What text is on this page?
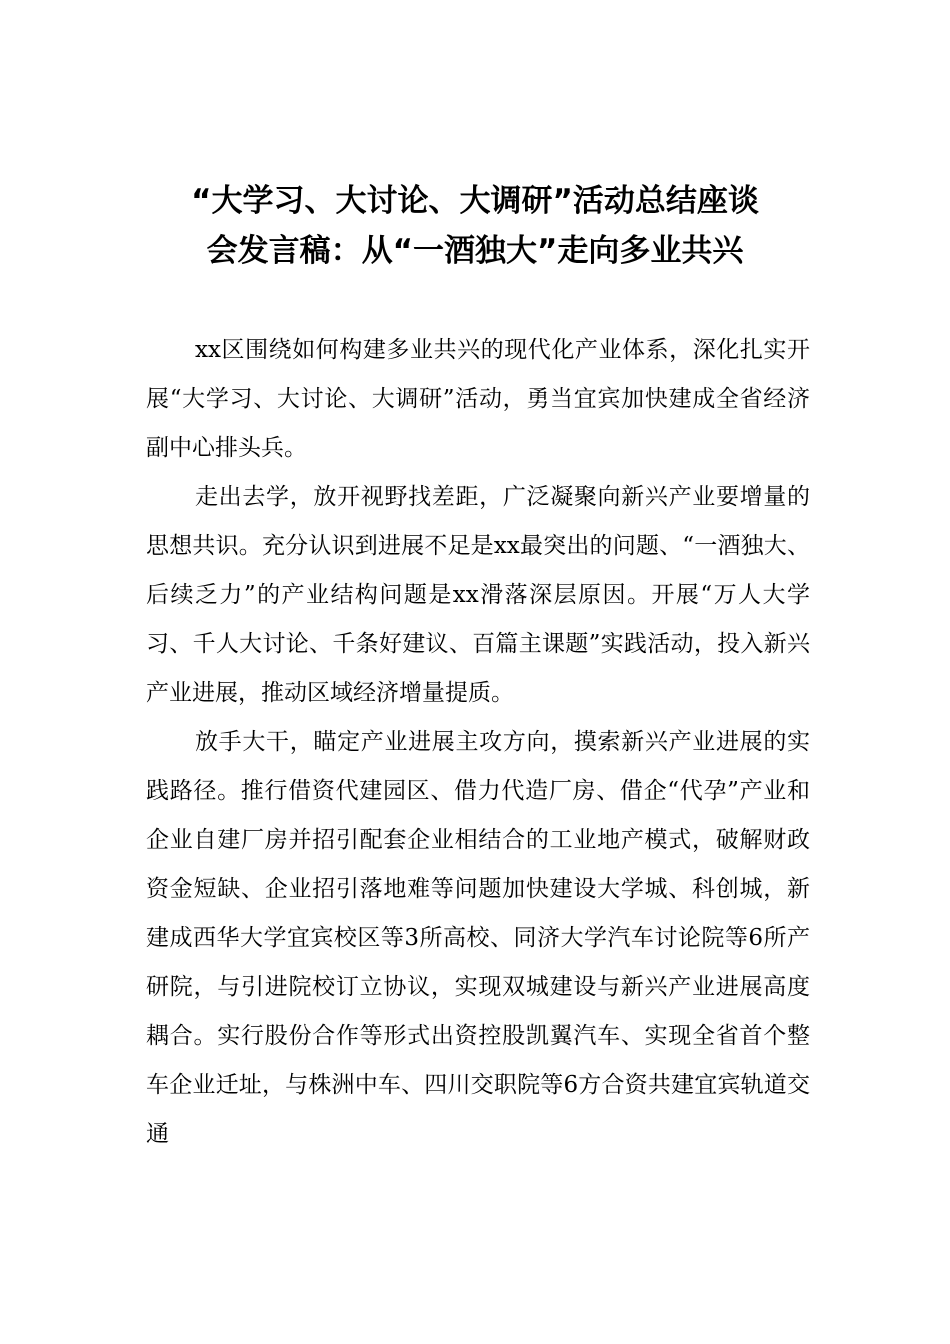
“大学习、大讨论、大调研”活动总结座谈
会发言稿：从“一酒独大”走向多业共兴

xx区围绕如何构建多业共兴的现代化产业体系，深化扎实开展“大学习、大讨论、大调研”活动，勇当宜宾加快建成全省经济副中心排头兵。

走出去学，放开视野找差距，广泛凝聚向新兴产业要增量的思想共识。充分认识到进展不足是xx最突出的问题、“一酒独大、后续乏力”的产业结构问题是xx滑落深层原因。开展“万人大学习、千人大讨论、千条好建议、百篇主课题”实践活动，投入新兴产业进展，推动区域经济增量提质。

放手大干，瞄定产业进展主攻方向，摸索新兴产业进展的实践路径。推行借资代建园区、借力代造厂房、借企“代孕”产业和企业自建厂房并招引配套企业相结合的工业地产模式，破解财政资金短缺、企业招引落地难等问题加快建设大学城、科创城，新建成西华大学宜宾校区等3所高校、同济大学汽车讨论院等6所产研院，与引进院校订立协议，实现双城建设与新兴产业进展高度耦合。实行股份合作等形式出资控股凯翼汽车、实现全省首个整车企业迁址，与株洲中车、四川交职院等6方合资共建宜宾轨道交通
